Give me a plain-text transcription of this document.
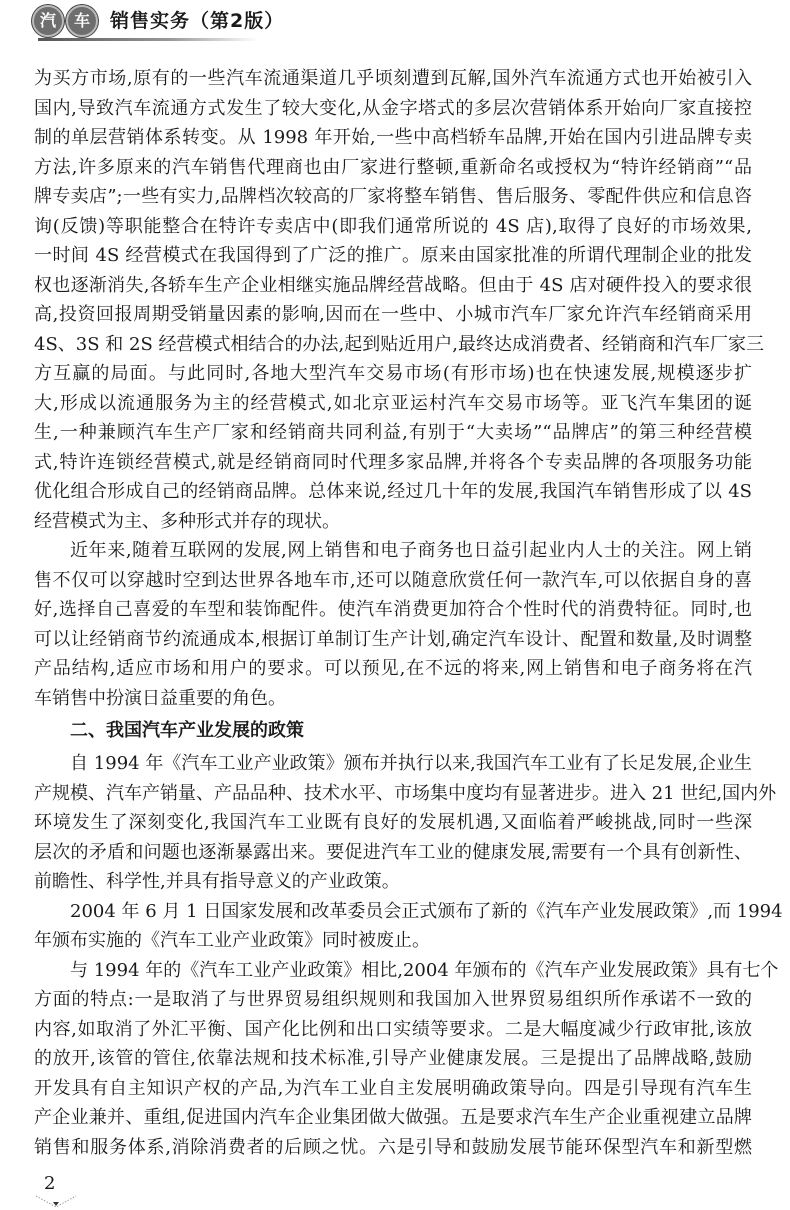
汽	车	销售实务（第2版）
为买方市场,原有的一些汽车流通渠道几乎顷刻遭到瓦解,国外汽车流通方式也开始被引入
国内,导致汽车流通方式发生了较大变化,从金字塔式的多层次营销体系开始向厂家直接控
制的单层营销体系转变。从 1998 年开始,一些中高档轿车品牌,开始在国内引进品牌专卖
方法,许多原来的汽车销售代理商也由厂家进行整顿,重新命名或授权为“特许经销商”“品
牌专卖店”;一些有实力,品牌档次较高的厂家将整车销售、售后服务、零配件供应和信息咨
询(反馈)等职能整合在特许专卖店中(即我们通常所说的 4S 店),取得了良好的市场效果,
一时间 4S 经营模式在我国得到了广泛的推广。原来由国家批准的所谓代理制企业的批发
权也逐渐消失,各轿车生产企业相继实施品牌经营战略。但由于 4S 店对硬件投入的要求很
高,投资回报周期受销量因素的影响,因而在一些中、小城市汽车厂家允许汽车经销商采用
4S、3S 和 2S 经营模式相结合的办法,起到贴近用户,最终达成消费者、经销商和汽车厂家三
方互赢的局面。与此同时,各地大型汽车交易市场(有形市场)也在快速发展,规模逐步扩
大,形成以流通服务为主的经营模式,如北京亚运村汽车交易市场等。亚飞汽车集团的诞
生,一种兼顾汽车生产厂家和经销商共同利益,有别于“大卖场”“品牌店”的第三种经营模
式,特许连锁经营模式,就是经销商同时代理多家品牌,并将各个专卖品牌的各项服务功能
优化组合形成自己的经销商品牌。总体来说,经过几十年的发展,我国汽车销售形成了以 4S
经营模式为主、多种形式并存的现状。
近年来,随着互联网的发展,网上销售和电子商务也日益引起业内人士的关注。网上销
售不仅可以穿越时空到达世界各地车市,还可以随意欣赏任何一款汽车,可以依据自身的喜
好,选择自己喜爱的车型和装饰配件。使汽车消费更加符合个性时代的消费特征。同时,也
可以让经销商节约流通成本,根据订单制订生产计划,确定汽车设计、配置和数量,及时调整
产品结构,适应市场和用户的要求。可以预见,在不远的将来,网上销售和电子商务将在汽
车销售中扮演日益重要的角色。
二、我国汽车产业发展的政策
自 1994 年《汽车工业产业政策》颁布并执行以来,我国汽车工业有了长足发展,企业生
产规模、汽车产销量、产品品种、技术水平、市场集中度均有显著进步。进入 21 世纪,国内外
环境发生了深刻变化,我国汽车工业既有良好的发展机遇,又面临着严峻挑战,同时一些深
层次的矛盾和问题也逐渐暴露出来。要促进汽车工业的健康发展,需要有一个具有创新性、
前瞻性、科学性,并具有指导意义的产业政策。
2004 年 6 月 1 日国家发展和改革委员会正式颁布了新的《汽车产业发展政策》,而 1994
年颁布实施的《汽车工业产业政策》同时被废止。
与 1994 年的《汽车工业产业政策》相比,2004 年颁布的《汽车产业发展政策》具有七个
方面的特点:一是取消了与世界贸易组织规则和我国加入世界贸易组织所作承诺不一致的
内容,如取消了外汇平衡、国产化比例和出口实绩等要求。二是大幅度减少行政审批,该放
的放开,该管的管住,依靠法规和技术标准,引导产业健康发展。三是提出了品牌战略,鼓励
开发具有自主知识产权的产品,为汽车工业自主发展明确政策导向。四是引导现有汽车生
产企业兼并、重组,促进国内汽车企业集团做大做强。五是要求汽车生产企业重视建立品牌
销售和服务体系,消除消费者的后顾之忧。六是引导和鼓励发展节能环保型汽车和新型燃
2
